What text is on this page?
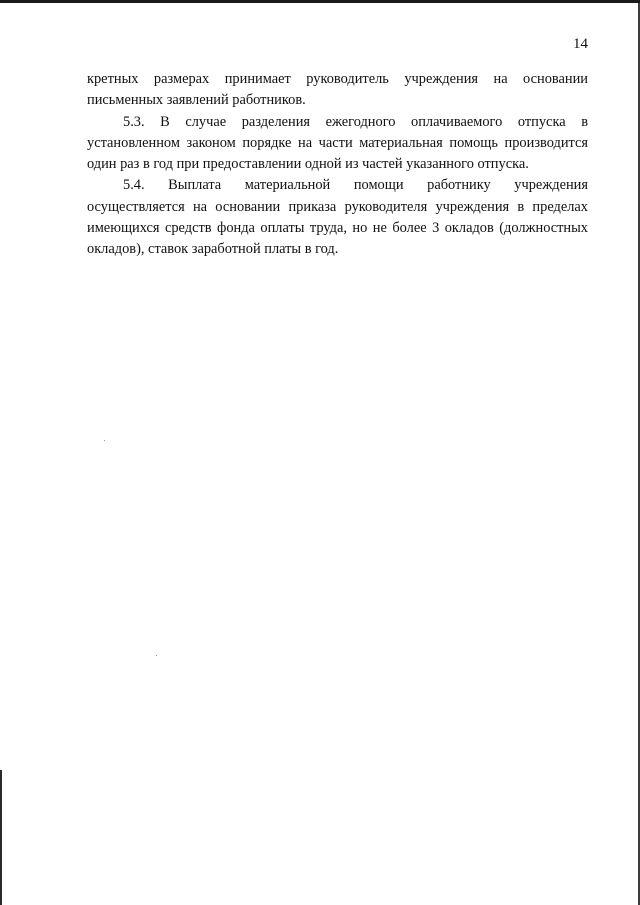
14

кретных размерах принимает руководитель учреждения на основании письменных заявлений работников.

5.3. В случае разделения ежегодного оплачиваемого отпуска в установленном законом порядке на части материальная помощь производится один раз в год при предоставлении одной из частей указанного отпуска.

5.4. Выплата материальной помощи работнику учреждения осуществляется на основании приказа руководителя учреждения в пределах имеющихся средств фонда оплаты труда, но не более 3 окладов (должностных окладов), ставок заработной платы в год.
